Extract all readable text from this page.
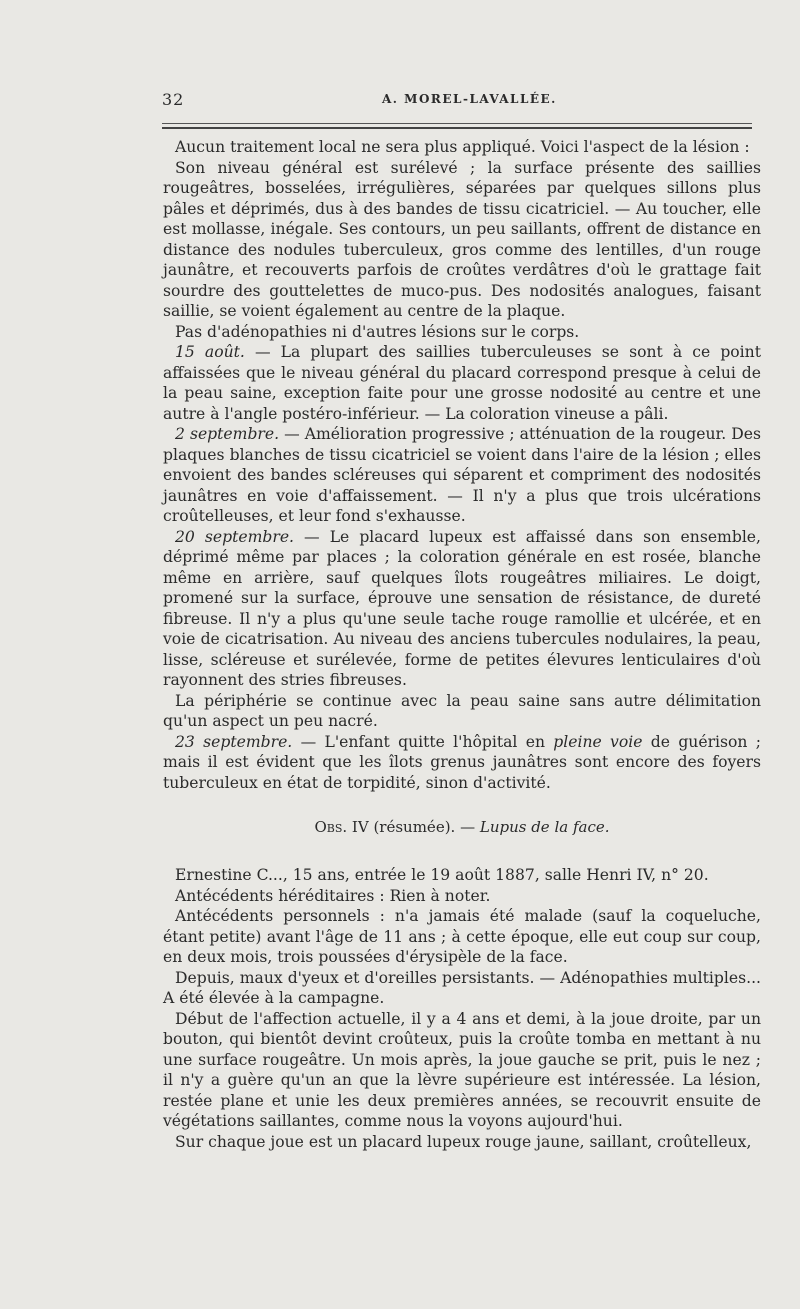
32	A. MOREL-LAVALLÉE.

Aucun traitement local ne sera plus appliqué. Voici l'aspect de la lésion :

Son niveau général est surélevé ; la surface présente des saillies rougeâtres, bosselées, irrégulières, séparées par quelques sillons plus pâles et déprimés, dus à des bandes de tissu cicatriciel. — Au toucher, elle est mollasse, inégale. Ses contours, un peu saillants, offrent de distance en distance des nodules tuberculeux, gros comme des lentilles, d'un rouge jaunâtre, et recouverts parfois de croûtes verdâtres d'où le grattage fait sourdre des gouttelettes de muco-pus. Des nodosités analogues, faisant saillie, se voient également au centre de la plaque.

Pas d'adénopathies ni d'autres lésions sur le corps.

15 août. — La plupart des saillies tuberculeuses se sont à ce point affaissées que le niveau général du placard correspond presque à celui de la peau saine, exception faite pour une grosse nodosité au centre et une autre à l'angle postéro-inférieur. — La coloration vineuse a pâli.

2 septembre. — Amélioration progressive ; atténuation de la rougeur. Des plaques blanches de tissu cicatriciel se voient dans l'aire de la lésion ; elles envoient des bandes scléreuses qui séparent et compriment des nodosités jaunâtres en voie d'affaissement. — Il n'y a plus que trois ulcérations croûtelleuses, et leur fond s'exhausse.

20 septembre. — Le placard lupeux est affaissé dans son ensemble, déprimé même par places ; la coloration générale en est rosée, blanche même en arrière, sauf quelques îlots rougeâtres miliaires. Le doigt, promené sur la surface, éprouve une sensation de résistance, de dureté fibreuse. Il n'y a plus qu'une seule tache rouge ramollie et ulcérée, et en voie de cicatrisation. Au niveau des anciens tubercules nodulaires, la peau, lisse, scléreuse et surélevée, forme de petites élevures lenticulaires d'où rayonnent des stries fibreuses.

La périphérie se continue avec la peau saine sans autre délimitation qu'un aspect un peu nacré.

23 septembre. — L'enfant quitte l'hôpital en pleine voie de guérison ; mais il est évident que les îlots grenus jaunâtres sont encore des foyers tuberculeux en état de torpidité, sinon d'activité.

Obs. IV (résumée). — Lupus de la face.

Ernestine C..., 15 ans, entrée le 19 août 1887, salle Henri IV, n° 20.

Antécédents héréditaires : Rien à noter.

Antécédents personnels : n'a jamais été malade (sauf la coqueluche, étant petite) avant l'âge de 11 ans ; à cette époque, elle eut coup sur coup, en deux mois, trois poussées d'érysipèle de la face.

Depuis, maux d'yeux et d'oreilles persistants. — Adénopathies multiples... A été élevée à la campagne.

Début de l'affection actuelle, il y a 4 ans et demi, à la joue droite, par un bouton, qui bientôt devint croûteux, puis la croûte tomba en mettant à nu une surface rougeâtre. Un mois après, la joue gauche se prit, puis le nez ; il n'y a guère qu'un an que la lèvre supérieure est intéressée. La lésion, restée plane et unie les deux premières années, se recouvrit ensuite de végétations saillantes, comme nous la voyons aujourd'hui.

Sur chaque joue est un placard lupeux rouge jaune, saillant, croûtelleux,
